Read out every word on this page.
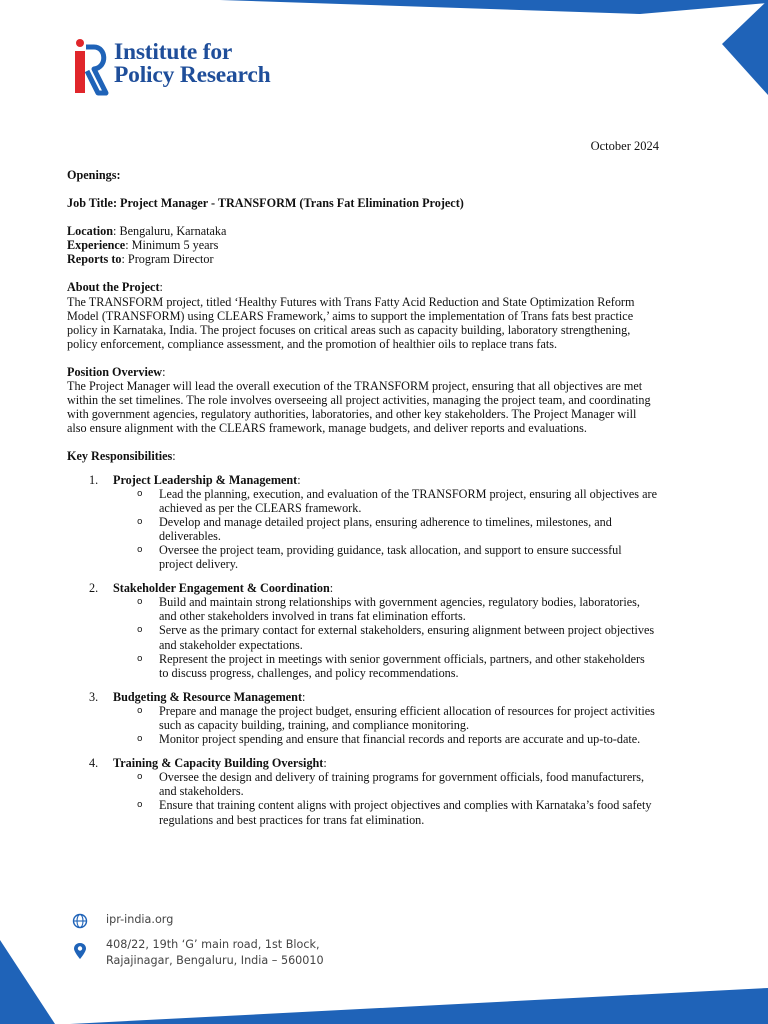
Institute for
Policy Research
October 2024

Openings:

Job Title: Project Manager - TRANSFORM (Trans Fat Elimination Project)

Location: Bengaluru, Karnataka

Experience: Minimum 5 years

Reports to: Program Director

About the Project:

The TRANSFORM project, titled ‘Healthy Futures with Trans Fatty Acid Reduction and State Optimization Reform Model (TRANSFORM) using CLEARS Framework,’ aims to support the implementation of Trans fats best practice policy in Karnataka, India. The project focuses on critical areas such as capacity building, laboratory strengthening, policy enforcement, compliance assessment, and the promotion of healthier oils to replace trans fats.

Position Overview:

The Project Manager will lead the overall execution of the TRANSFORM project, ensuring that all objectives are met within the set timelines. The role involves overseeing all project activities, managing the project team, and coordinating with government agencies, regulatory authorities, laboratories, and other key stakeholders. The Project Manager will also ensure alignment with the CLEARS framework, manage budgets, and deliver reports and evaluations.

Key Responsibilities:

1. Project Leadership & Management:
o Lead the planning, execution, and evaluation of the TRANSFORM project, ensuring all objectives are achieved as per the CLEARS framework.
o Develop and manage detailed project plans, ensuring adherence to timelines, milestones, and deliverables.
o Oversee the project team, providing guidance, task allocation, and support to ensure successful project delivery.
2. Stakeholder Engagement & Coordination:
o Build and maintain strong relationships with government agencies, regulatory bodies, laboratories, and other stakeholders involved in trans fat elimination efforts.
o Serve as the primary contact for external stakeholders, ensuring alignment between project objectives and stakeholder expectations.
o Represent the project in meetings with senior government officials, partners, and other stakeholders to discuss progress, challenges, and policy recommendations.
3. Budgeting & Resource Management:
o Prepare and manage the project budget, ensuring efficient allocation of resources for project activities such as capacity building, training, and compliance monitoring.
o Monitor project spending and ensure that financial records and reports are accurate and up-to-date.
4. Training & Capacity Building Oversight:
o Oversee the design and delivery of training programs for government officials, food manufacturers, and stakeholders.
o Ensure that training content aligns with project objectives and complies with Karnataka’s food safety regulations and best practices for trans fat elimination.
ipr-india.org
408/22, 19th ‘G’ main road, 1st Block,
Rajajinagar, Bengaluru, India – 560010
